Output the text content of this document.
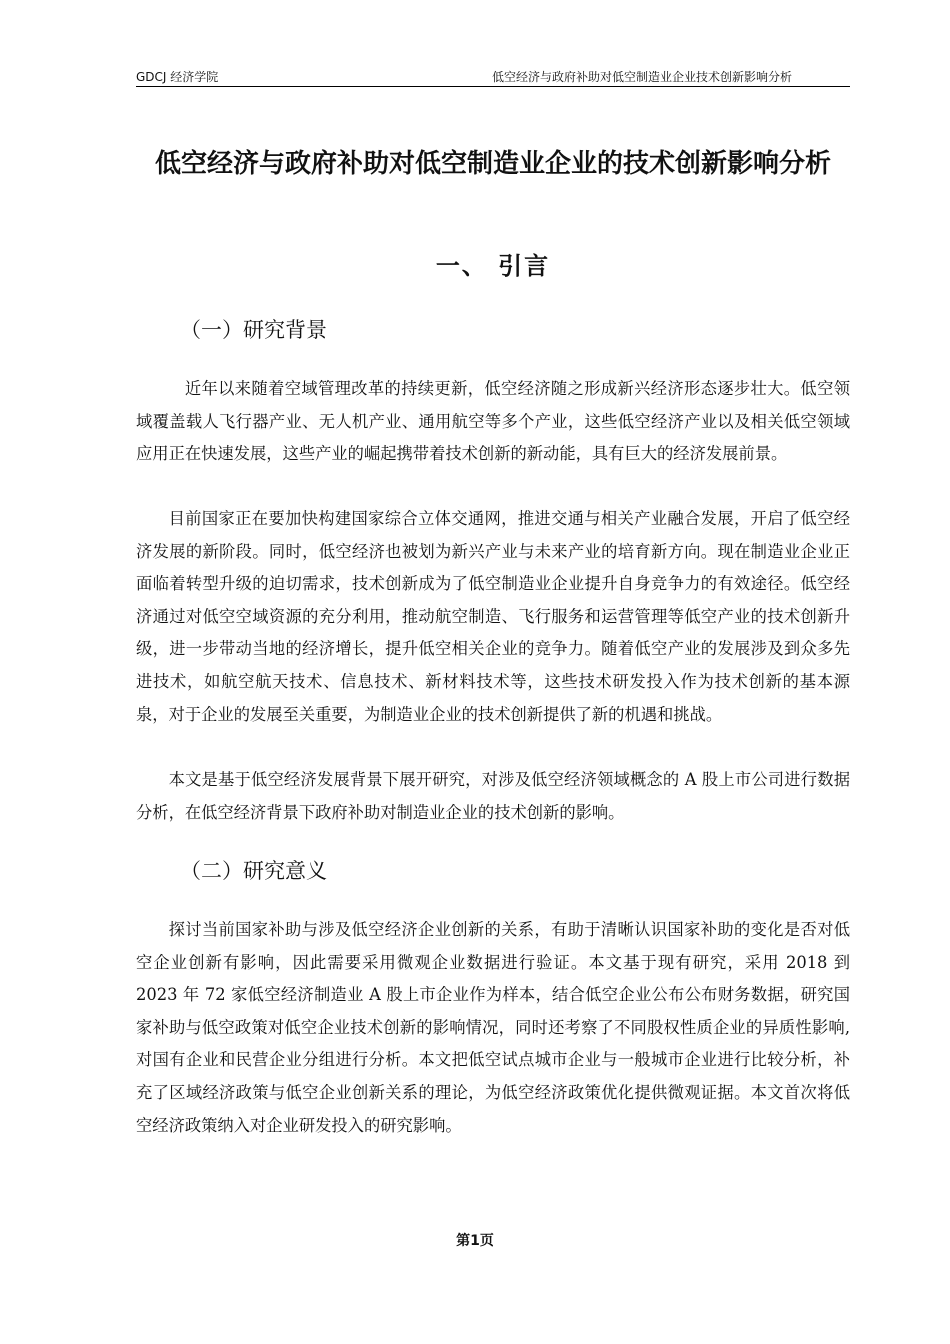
GDCJ 经济学院	低空经济与政府补助对低空制造业企业技术创新影响分析
低空经济与政府补助对低空制造业企业的技术创新影响分析
一、 引言
（一）研究背景

近年以来随着空域管理改革的持续更新，低空经济随之形成新兴经济形态逐步壮大。低空领域覆盖载人飞行器产业、无人机产业、通用航空等多个产业，这些低空经济产业以及相关低空领域应用正在快速发展，这些产业的崛起携带着技术创新的新动能，具有巨大的经济发展前景。

目前国家正在要加快构建国家综合立体交通网，推进交通与相关产业融合发展，开启了低空经济发展的新阶段。同时，低空经济也被划为新兴产业与未来产业的培育新方向。现在制造业企业正面临着转型升级的迫切需求，技术创新成为了低空制造业企业提升自身竞争力的有效途径。低空经济通过对低空空域资源的充分利用，推动航空制造、飞行服务和运营管理等低空产业的技术创新升级，进一步带动当地的经济增长，提升低空相关企业的竞争力。随着低空产业的发展涉及到众多先进技术，如航空航天技术、信息技术、新材料技术等，这些技术研发投入作为技术创新的基本源泉，对于企业的发展至关重要，为制造业企业的技术创新提供了新的机遇和挑战。

本文是基于低空经济发展背景下展开研究，对涉及低空经济领域概念的 A 股上市公司进行数据分析，在低空经济背景下政府补助对制造业企业的技术创新的影响。

（二）研究意义

探讨当前国家补助与涉及低空经济企业创新的关系，有助于清晰认识国家补助的变化是否对低空企业创新有影响，因此需要采用微观企业数据进行验证。本文基于现有研究，采用 2018 到 2023 年 72 家低空经济制造业 A 股上市企业作为样本，结合低空企业公布公布财务数据，研究国家补助与低空政策对低空企业技术创新的影响情况，同时还考察了不同股权性质企业的异质性影响,对国有企业和民营企业分组进行分析。本文把低空试点城市企业与一般城市企业进行比较分析，补充了区域经济政策与低空企业创新关系的理论，为低空经济政策优化提供微观证据。本文首次将低空经济政策纳入对企业研发投入的研究影响。

第1页
